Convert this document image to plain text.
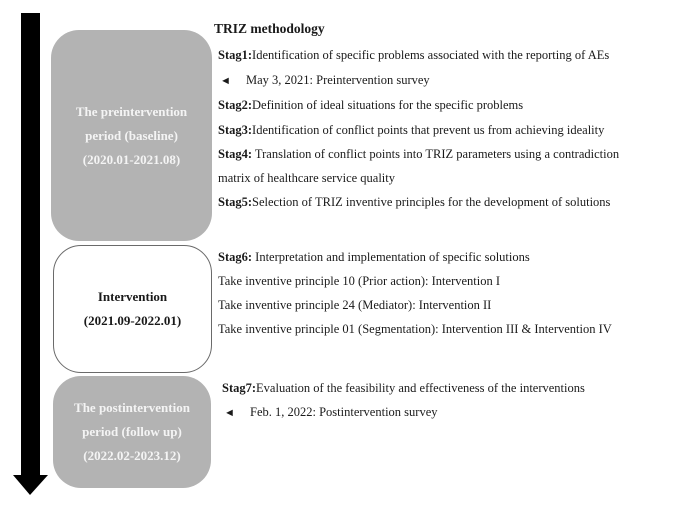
The preintervention
period (baseline)
(2020.01-2021.08)
Intervention
(2021.09-2022.01)
The postintervention
period (follow up)
(2022.02-2023.12)
TRIZ methodology
Stag1:Identification of specific problems associated with the reporting of AEs
◄ May 3, 2021: Preintervention survey
Stag2:Definition of ideal situations for the specific problems
Stag3:Identification of conflict points that prevent us from achieving ideality
Stag4: Translation of conflict points into TRIZ parameters using a contradiction
matrix of healthcare service quality
Stag5:Selection of TRIZ inventive principles for the development of solutions
Stag6: Interpretation and implementation of specific solutions
Take inventive principle 10 (Prior action): Intervention I
Take inventive principle 24 (Mediator): Intervention II
Take inventive principle 01 (Segmentation): Intervention III & Intervention IV
Stag7:Evaluation of the feasibility and effectiveness of the interventions
◄ Feb. 1, 2022: Postintervention survey
